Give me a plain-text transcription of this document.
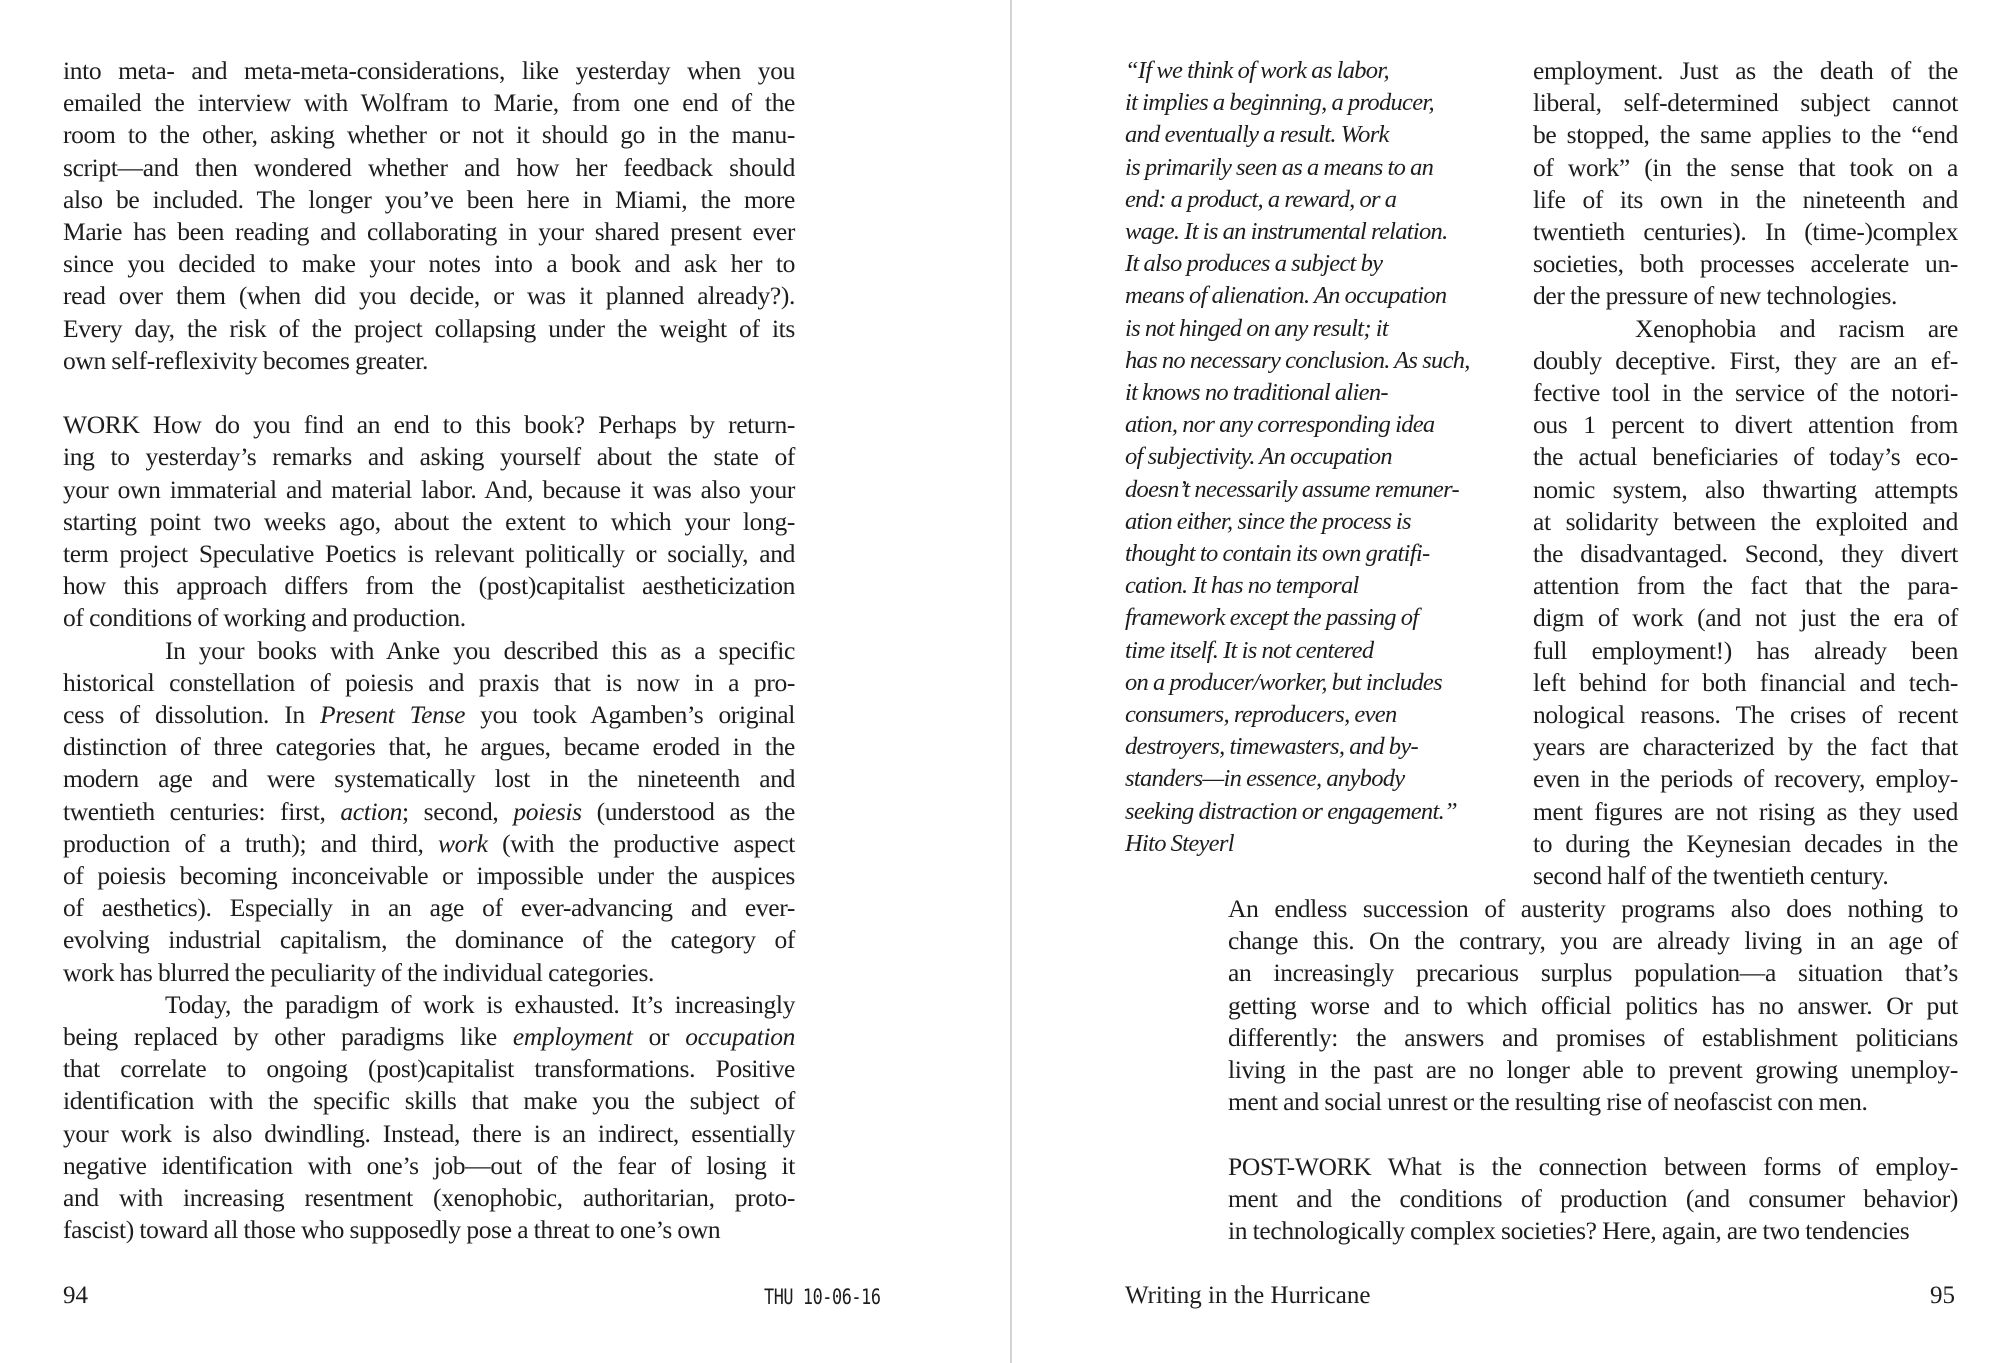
into meta- and meta-meta-considerations, like yesterday when you
emailed the interview with Wolfram to Marie, from one end of the
room to the other, asking whether or not it should go in the manu-
script—and then wondered whether and how her feedback should
also be included. The longer you’ve been here in Miami, the more
Marie has been reading and collaborating in your shared present ever
since you decided to make your notes into a book and ask her to
read over them (when did you decide, or was it planned already?).
Every day, the risk of the project collapsing under the weight of its
own self-reflexivity becomes greater.

WORK How do you find an end to this book? Perhaps by return-
ing to yesterday’s remarks and asking yourself about the state of
your own immaterial and material labor. And, because it was also your
starting point two weeks ago, about the extent to which your long-
term project Speculative Poetics is relevant politically or socially, and
how this approach differs from the (post)capitalist aestheticization
of conditions of working and production.

In your books with Anke you described this as a specific
historical constellation of poiesis and praxis that is now in a pro-
cess of dissolution. In Present Tense you took Agamben’s original
distinction of three categories that, he argues, became eroded in the
modern age and were systematically lost in the nineteenth and
twentieth centuries: first, action; second, poiesis (understood as the
production of a truth); and third, work (with the productive aspect
of poiesis becoming inconceivable or impossible under the auspices
of aesthetics). Especially in an age of ever-advancing and ever-
evolving industrial capitalism, the dominance of the category of
work has blurred the peculiarity of the individual categories.

Today, the paradigm of work is exhausted. It’s increasingly
being replaced by other paradigms like employment or occupation
that correlate to ongoing (post)capitalist transformations. Positive
identification with the specific skills that make you the subject of
your work is also dwindling. Instead, there is an indirect, essentially
negative identification with one’s job—out of the fear of losing it
and with increasing resentment (xenophobic, authoritarian, proto-
fascist) toward all those who supposedly pose a threat to one’s own

94	THU 10-06-16
“If we think of work as labor,
it implies a beginning, a producer,
and eventually a result. Work
is primarily seen as a means to an
end: a product, a reward, or a
wage. It is an instrumental relation.
It also produces a subject by
means of alienation. An occupation
is not hinged on any result; it
has no necessary conclusion. As such,
it knows no traditional alien-
ation, nor any corresponding idea
of subjectivity. An occupation
doesn’t necessarily assume remuner-
ation either, since the process is
thought to contain its own gratifi-
cation. It has no temporal
framework except the passing of
time itself. It is not centered
on a producer/worker, but includes
consumers, reproducers, even
destroyers, timewasters, and by-
standers—in essence, anybody
seeking distraction or engagement.”
Hito Steyerl

employment. Just as the death of the
liberal, self-determined subject cannot
be stopped, the same applies to the “end
of work” (in the sense that took on a
life of its own in the nineteenth and
twentieth centuries). In (time-)complex
societies, both processes accelerate un-
der the pressure of new technologies.

Xenophobia and racism are
doubly deceptive. First, they are an ef-
fective tool in the service of the notori-
ous 1 percent to divert attention from
the actual beneficiaries of today’s eco-
nomic system, also thwarting attempts
at solidarity between the exploited and
the disadvantaged. Second, they divert
attention from the fact that the para-
digm of work (and not just the era of
full employment!) has already been
left behind for both financial and tech-
nological reasons. The crises of recent
years are characterized by the fact that
even in the periods of recovery, employ-
ment figures are not rising as they used
to during the Keynesian decades in the
second half of the twentieth century.

An endless succession of austerity programs also does nothing to
change this. On the contrary, you are already living in an age of
an increasingly precarious surplus population—a situation that’s
getting worse and to which official politics has no answer. Or put
differently: the answers and promises of establishment politicians
living in the past are no longer able to prevent growing unemploy-
ment and social unrest or the resulting rise of neofascist con men.

POST-WORK What is the connection between forms of employ-
ment and the conditions of production (and consumer behavior)
in technologically complex societies? Here, again, are two tendencies

Writing in the Hurricane	95
